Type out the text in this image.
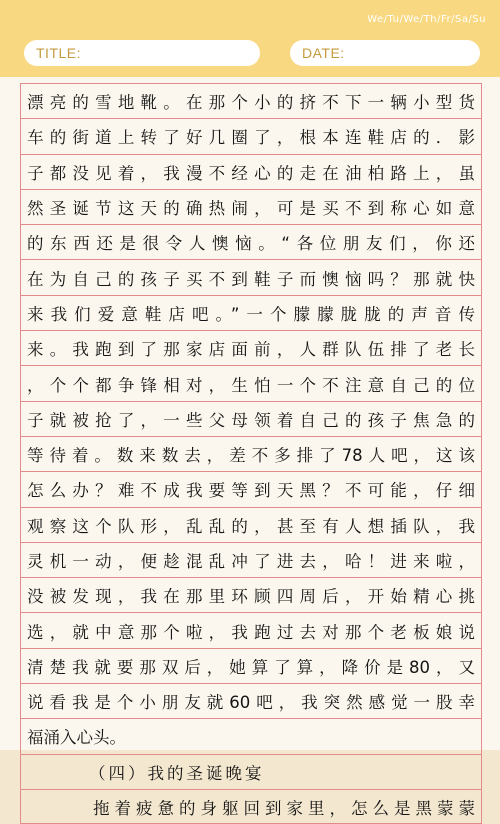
We/Tu/We/Th/Fr/Sa/Su
TITLE:	DATE:
漂亮的雪地靴。在那个小的挤不下一辆小型货
车的街道上转了好几圈了，根本连鞋店的．影
子都没见着，我漫不经心的走在油柏路上，虽
然圣诞节这天的确热闹，可是买不到称心如意
的东西还是很令人懊恼。“各位朋友们，你还
在为自己的孩子买不到鞋子而懊恼吗？那就快
来我们爱意鞋店吧。”一个朦朦胧胧的声音传
来。我跑到了那家店面前，人群队伍排了老长
，个个都争锋相对，生怕一个不注意自己的位
子就被抢了，一些父母领着自己的孩子焦急的
等待着。数来数去，差不多排了78人吧，这该
怎么办？难不成我要等到天黑？不可能，仔细
观察这个队形，乱乱的，甚至有人想插队，我
灵机一动，便趁混乱冲了进去，哈！进来啦，
没被发现，我在那里环顾四周后，开始精心挑
选，就中意那个啦，我跑过去对那个老板娘说
清楚我就要那双后，她算了算，降价是80，又
说看我是个小朋友就60吧，我突然感觉一股幸
福涌入心头。
（四）我的圣诞晚宴
拖着疲惫的身躯回到家里，怎么是黑蒙蒙
